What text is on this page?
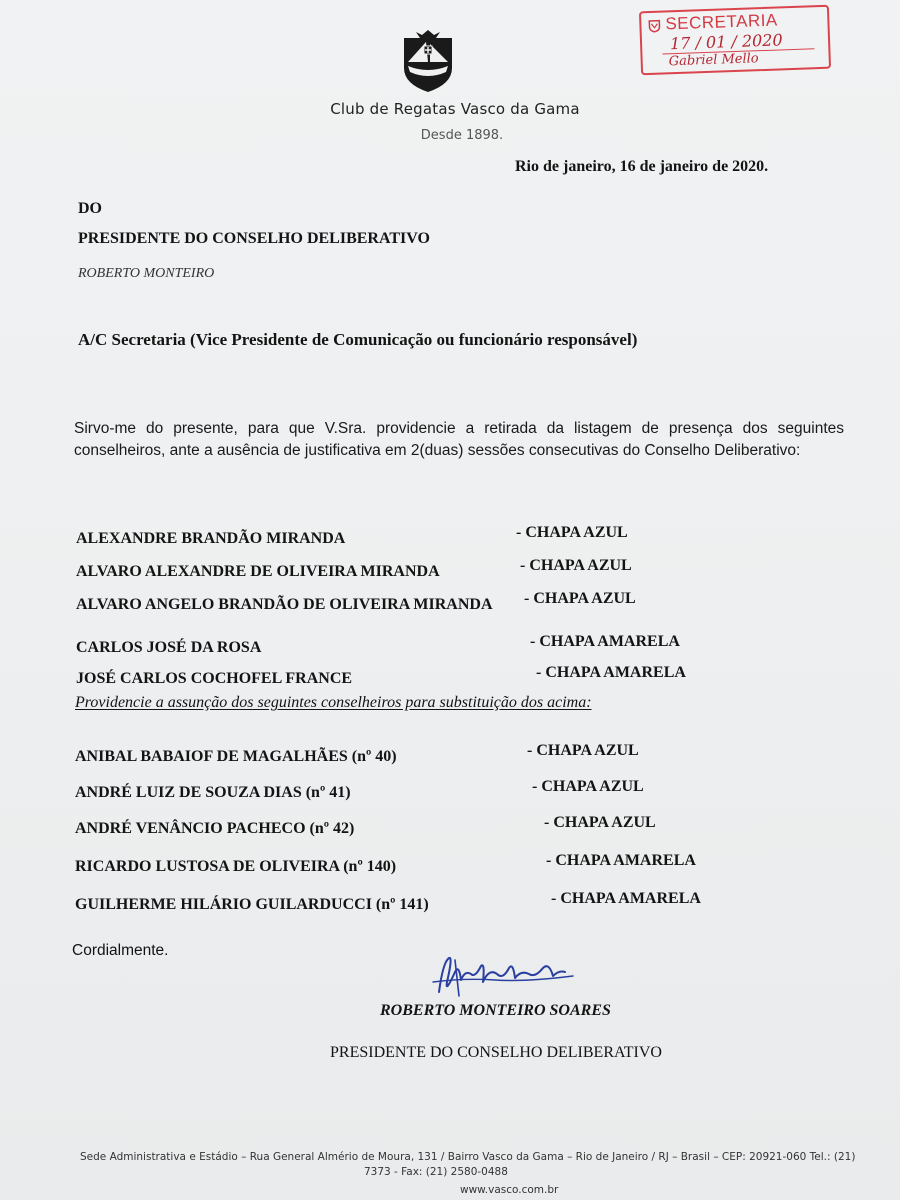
Club de Regatas Vasco da Gama
Desde 1898.
SECRETARIA
17 / 01 / 2020
Gabriel Mello
Rio de janeiro, 16 de janeiro de 2020.
DO
PRESIDENTE DO CONSELHO DELIBERATIVO
ROBERTO MONTEIRO
A/C Secretaria (Vice Presidente de Comunicação ou funcionário responsável)
Sirvo-me do presente, para que V.Sra. providencie a retirada da listagem de presença dos seguintes conselheiros, ante a ausência de justificativa em 2(duas) sessões consecutivas do Conselho Deliberativo:
ALEXANDRE BRANDÃO MIRANDA	- CHAPA AZUL
ALVARO ALEXANDRE DE OLIVEIRA MIRANDA	- CHAPA AZUL
ALVARO ANGELO BRANDÃO DE OLIVEIRA MIRANDA - CHAPA AZUL
CARLOS JOSÉ DA ROSA	- CHAPA AMARELA
JOSÉ CARLOS COCHOFEL FRANCE	- CHAPA AMARELA
Providencie a assunção dos seguintes conselheiros para substituição dos acima:
ANIBAL BABAIOF DE MAGALHÃES (nº 40)	- CHAPA AZUL
ANDRÉ LUIZ DE SOUZA DIAS (nº 41)	- CHAPA AZUL
ANDRÉ VENÂNCIO PACHECO (nº 42)	- CHAPA AZUL
RICARDO LUSTOSA DE OLIVEIRA (nº 140)	- CHAPA AMARELA
GUILHERME HILÁRIO GUILARDUCCI (nº 141)	- CHAPA AMARELA
Cordialmente.
ROBERTO MONTEIRO SOARES
PRESIDENTE DO CONSELHO DELIBERATIVO
Sede Administrativa e Estádio – Rua General Almério de Moura, 131 / Bairro Vasco da Gama – Rio de Janeiro / RJ – Brasil – CEP: 20921-060 Tel.: (21)
7373 - Fax: (21) 2580-0488
www.vasco.com.br
